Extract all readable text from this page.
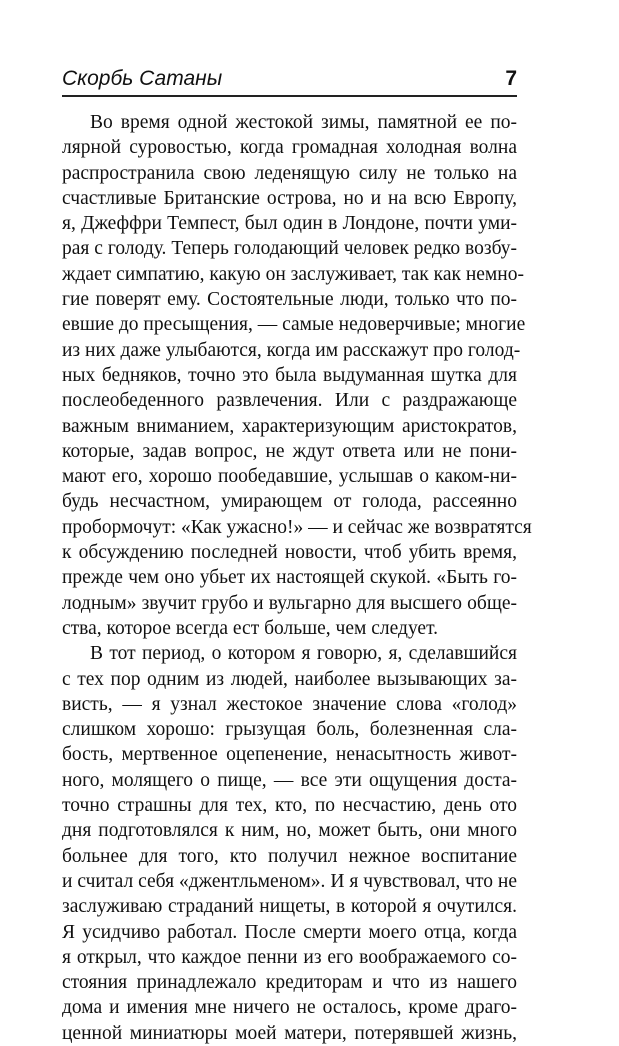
Скорбь Сатаны	7
Во время одной жестокой зимы, памятной ее по-
лярной суровостью, когда громадная холодная волна
распространила свою леденящую силу не только на
счастливые Британские острова, но и на всю Европу,
я, Джеффри Темпест, был один в Лондоне, почти уми-
рая с голоду. Теперь голодающий человек редко возбу-
ждает симпатию, какую он заслуживает, так как немно-
гие поверят ему. Состоятельные люди, только что по-
евшие до пресыщения, — самые недоверчивые; многие
из них даже улыбаются, когда им расскажут про голод-
ных бедняков, точно это была выдуманная шутка для
послеобеденного развлечения. Или с раздражающе
важным вниманием, характеризующим аристократов,
которые, задав вопрос, не ждут ответа или не пони-
мают его, хорошо пообедавшие, услышав о каком-ни-
будь несчастном, умирающем от голода, рассеянно
пробормочут: «Как ужасно!» — и сейчас же возвратятся
к обсуждению последней новости, чтоб убить время,
прежде чем оно убьет их настоящей скукой. «Быть го-
лодным» звучит грубо и вульгарно для высшего обще-
ства, которое всегда ест больше, чем следует.
В тот период, о котором я говорю, я, сделавшийся
с тех пор одним из людей, наиболее вызывающих за-
висть, — я узнал жестокое значение слова «голод»
слишком хорошо: грызущая боль, болезненная сла-
бость, мертвенное оцепенение, ненасытность живот-
ного, молящего о пище, — все эти ощущения доста-
точно страшны для тех, кто, по несчастию, день ото
дня подготовлялся к ним, но, может быть, они много
больнее для того, кто получил нежное воспитание
и считал себя «джентльменом». И я чувствовал, что не
заслуживаю страданий нищеты, в которой я очутился.
Я усидчиво работал. После смерти моего отца, когда
я открыл, что каждое пенни из его воображаемого со-
стояния принадлежало кредиторам и что из нашего
дома и имения мне ничего не осталось, кроме драго-
ценной миниатюры моей матери, потерявшей жизнь,
